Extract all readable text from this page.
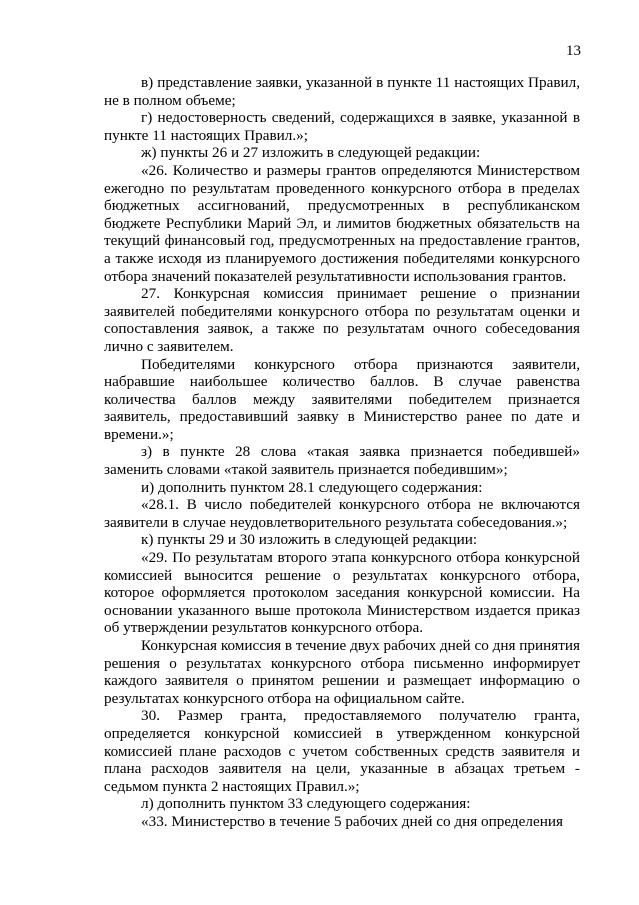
13

в) представление заявки, указанной в пункте 11 настоящих Правил, не в полном объеме;

г) недостоверность сведений, содержащихся в заявке, указанной в пункте 11 настоящих Правил.»;

ж) пункты 26 и 27 изложить в следующей редакции:

«26. Количество и размеры грантов определяются Министерством ежегодно по результатам проведенного конкурсного отбора в пределах бюджетных ассигнований, предусмотренных в республиканском бюджете Республики Марий Эл, и лимитов бюджетных обязательств на текущий финансовый год, предусмотренных на предоставление грантов, а также исходя из планируемого достижения победителями конкурсного отбора значений показателей результативности использования грантов.

27. Конкурсная комиссия принимает решение о признании заявителей победителями конкурсного отбора по результатам оценки и сопоставления заявок, а также по результатам очного собеседования лично с заявителем.

Победителями конкурсного отбора признаются заявители, набравшие наибольшее количество баллов. В случае равенства количества баллов между заявителями победителем признается заявитель, предоставивший заявку в Министерство ранее по дате и времени.»;

з) в пункте 28 слова «такая заявка признается победившей» заменить словами «такой заявитель признается победившим»;

и) дополнить пунктом 28.1 следующего содержания:

«28.1. В число победителей конкурсного отбора не включаются заявители в случае неудовлетворительного результата собеседования.»;

к) пункты 29 и 30 изложить в следующей редакции:

«29. По результатам второго этапа конкурсного отбора конкурсной комиссией выносится решение о результатах конкурсного отбора, которое оформляется протоколом заседания конкурсной комиссии. На основании указанного выше протокола Министерством издается приказ об утверждении результатов конкурсного отбора.

Конкурсная комиссия в течение двух рабочих дней со дня принятия решения о результатах конкурсного отбора письменно информирует каждого заявителя о принятом решении и размещает информацию о результатах конкурсного отбора на официальном сайте.

30. Размер гранта, предоставляемого получателю гранта, определяется конкурсной комиссией в утвержденном конкурсной комиссией плане расходов с учетом собственных средств заявителя и плана расходов заявителя на цели, указанные в абзацах третьем - седьмом пункта 2 настоящих Правил.»;

л) дополнить пунктом 33 следующего содержания:

«33. Министерство в течение 5 рабочих дней со дня определения
